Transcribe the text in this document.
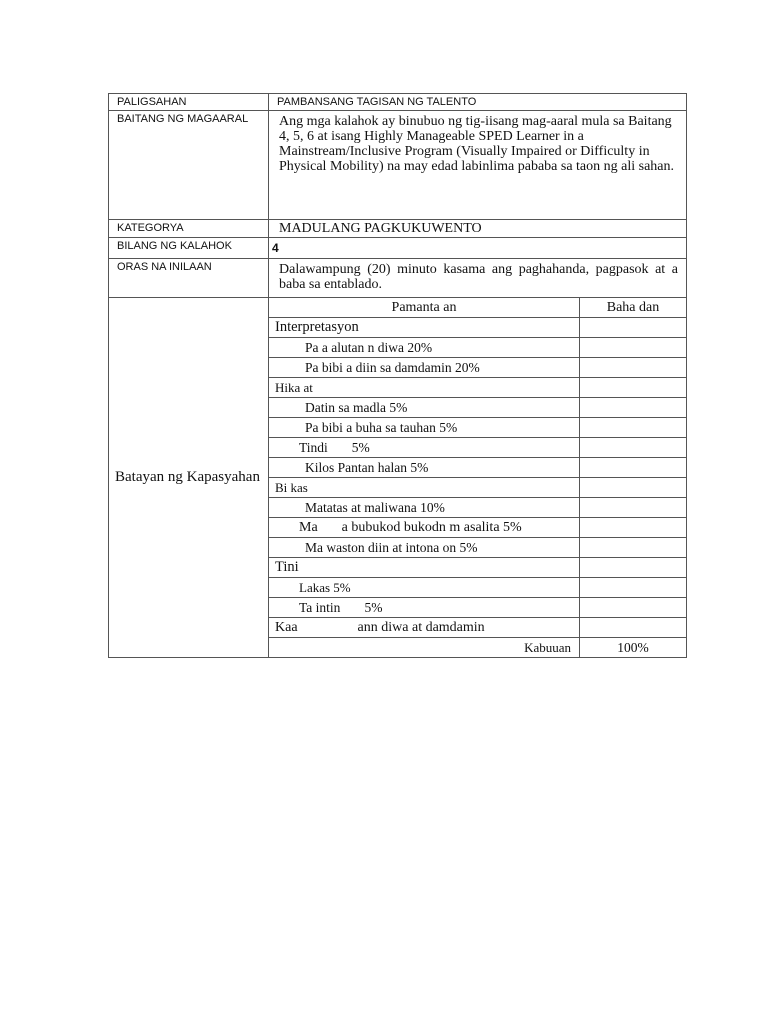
PALIGSAHAN	PAMBANSANG TAGISAN NG TALENTO	
BAITANG NG MAGAARAL	Ang mga kalahok ay binubuo ng tig-iisang mag-aaral mula sa Baitang 4, 5, 6 at isang Highly Manageable SPED Learner in a Mainstream/Inclusive Program (Visually Impaired or Difficulty in Physical Mobility) na may edad labinlima pababa sa taon ng ali sahan.	
KATEGORYA	MADULANG PAGKUKUWENTO	
BILANG NG KALAHOK	4	
ORAS NA INILAAN	Dalawampung (20) minuto kasama ang paghahanda, pagpasok at a baba sa entablado.	
Batayan ng Kapasyahan	Pamanta an	Baha dan
	Interpretasyon	
	Pa a alutan n diwa 20%	
	Pa bibi a diin sa damdamin 20%	
	Hika at	
	Datin sa madla 5%	
	Pa bibi a buha sa tauhan 5%	
	Tindi 5%	
	Kilos Pantan halan 5%	
	Bi kas	
	Matatas at maliwana 10%	
	Ma a bubukod bukodn m asalita 5%	
	Ma waston diin at intona on 5%	
	Tini	
	Lakas 5%	
	Ta intin 5%	
	Kaa ann diwa at damdamin	
	Kabuuan	100%
